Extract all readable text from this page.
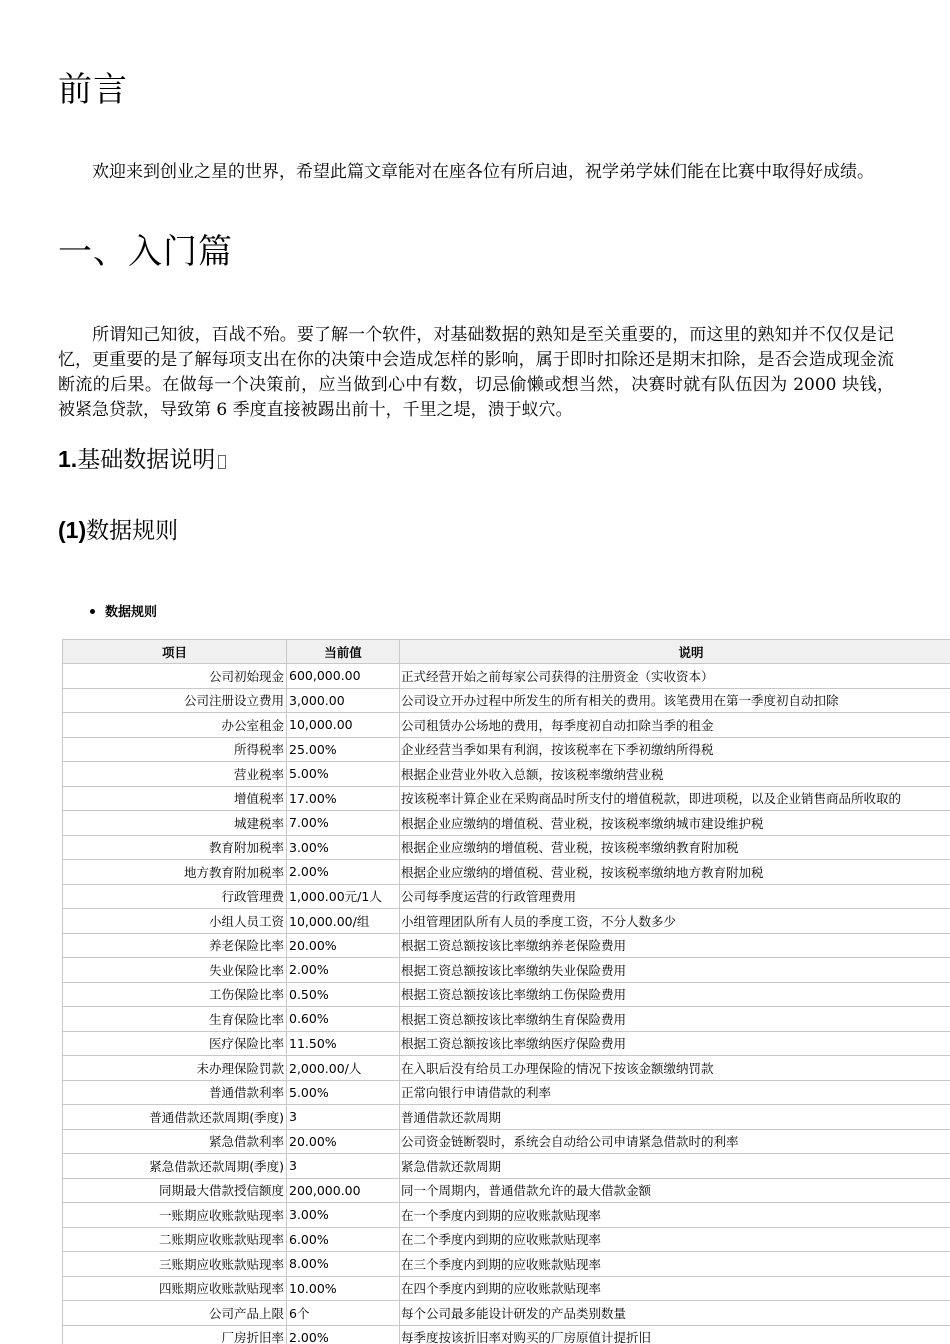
前言

欢迎来到创业之星的世界，希望此篇文章能对在座各位有所启迪，祝学弟学妹们能在比赛中取得好成绩。

一、入门篇

所谓知己知彼，百战不殆。要了解一个软件，对基础数据的熟知是至关重要的，而这里的熟知并不仅仅是记忆，更重要的是了解每项支出在你的决策中会造成怎样的影响，属于即时扣除还是期末扣除，是否会造成现金流断流的后果。在做每一个决策前，应当做到心中有数，切忌偷懒或想当然，决赛时就有队伍因为 2000 块钱，被紧急贷款，导致第 6 季度直接被踢出前十，千里之堤，溃于蚁穴。

1.基础数据说明
(1)数据规则
数据规则
项目	当前值	说明
公司初始现金	600,000.00	正式经营开始之前每家公司获得的注册资金（实收资本）
公司注册设立费用	3,000.00	公司设立开办过程中所发生的所有相关的费用。该笔费用在第一季度初自动扣除
办公室租金	10,000.00	公司租赁办公场地的费用，每季度初自动扣除当季的租金
所得税率	25.00%	企业经营当季如果有利润，按该税率在下季初缴纳所得税
营业税率	5.00%	根据企业营业外收入总额，按该税率缴纳营业税
增值税率	17.00%	按该税率计算企业在采购商品时所支付的增值税款，即进项税，以及企业销售商品所收取的
城建税率	7.00%	根据企业应缴纳的增值税、营业税，按该税率缴纳城市建设维护税
教育附加税率	3.00%	根据企业应缴纳的增值税、营业税，按该税率缴纳教育附加税
地方教育附加税率	2.00%	根据企业应缴纳的增值税、营业税，按该税率缴纳地方教育附加税
行政管理费	1,000.00元/1人	公司每季度运营的行政管理费用
小组人员工资	10,000.00/组	小组管理团队所有人员的季度工资，不分人数多少
养老保险比率	20.00%	根据工资总额按该比率缴纳养老保险费用
失业保险比率	2.00%	根据工资总额按该比率缴纳失业保险费用
工伤保险比率	0.50%	根据工资总额按该比率缴纳工伤保险费用
生育保险比率	0.60%	根据工资总额按该比率缴纳生育保险费用
医疗保险比率	11.50%	根据工资总额按该比率缴纳医疗保险费用
未办理保险罚款	2,000.00/人	在入职后没有给员工办理保险的情况下按该金额缴纳罚款
普通借款利率	5.00%	正常向银行申请借款的利率
普通借款还款周期(季度)	3	普通借款还款周期
紧急借款利率	20.00%	公司资金链断裂时，系统会自动给公司申请紧急借款时的利率
紧急借款还款周期(季度)	3	紧急借款还款周期
同期最大借款授信额度	200,000.00	同一个周期内，普通借款允许的最大借款金额
一账期应收账款贴现率	3.00%	在一个季度内到期的应收账款贴现率
二账期应收账款贴现率	6.00%	在二个季度内到期的应收账款贴现率
三账期应收账款贴现率	8.00%	在三个季度内到期的应收账款贴现率
四账期应收账款贴现率	10.00%	在四个季度内到期的应收账款贴现率
公司产品上限	6个	每个公司最多能设计研发的产品类别数量
厂房折旧率	2.00%	每季度按该折旧率对购买的厂房原值计提折旧
